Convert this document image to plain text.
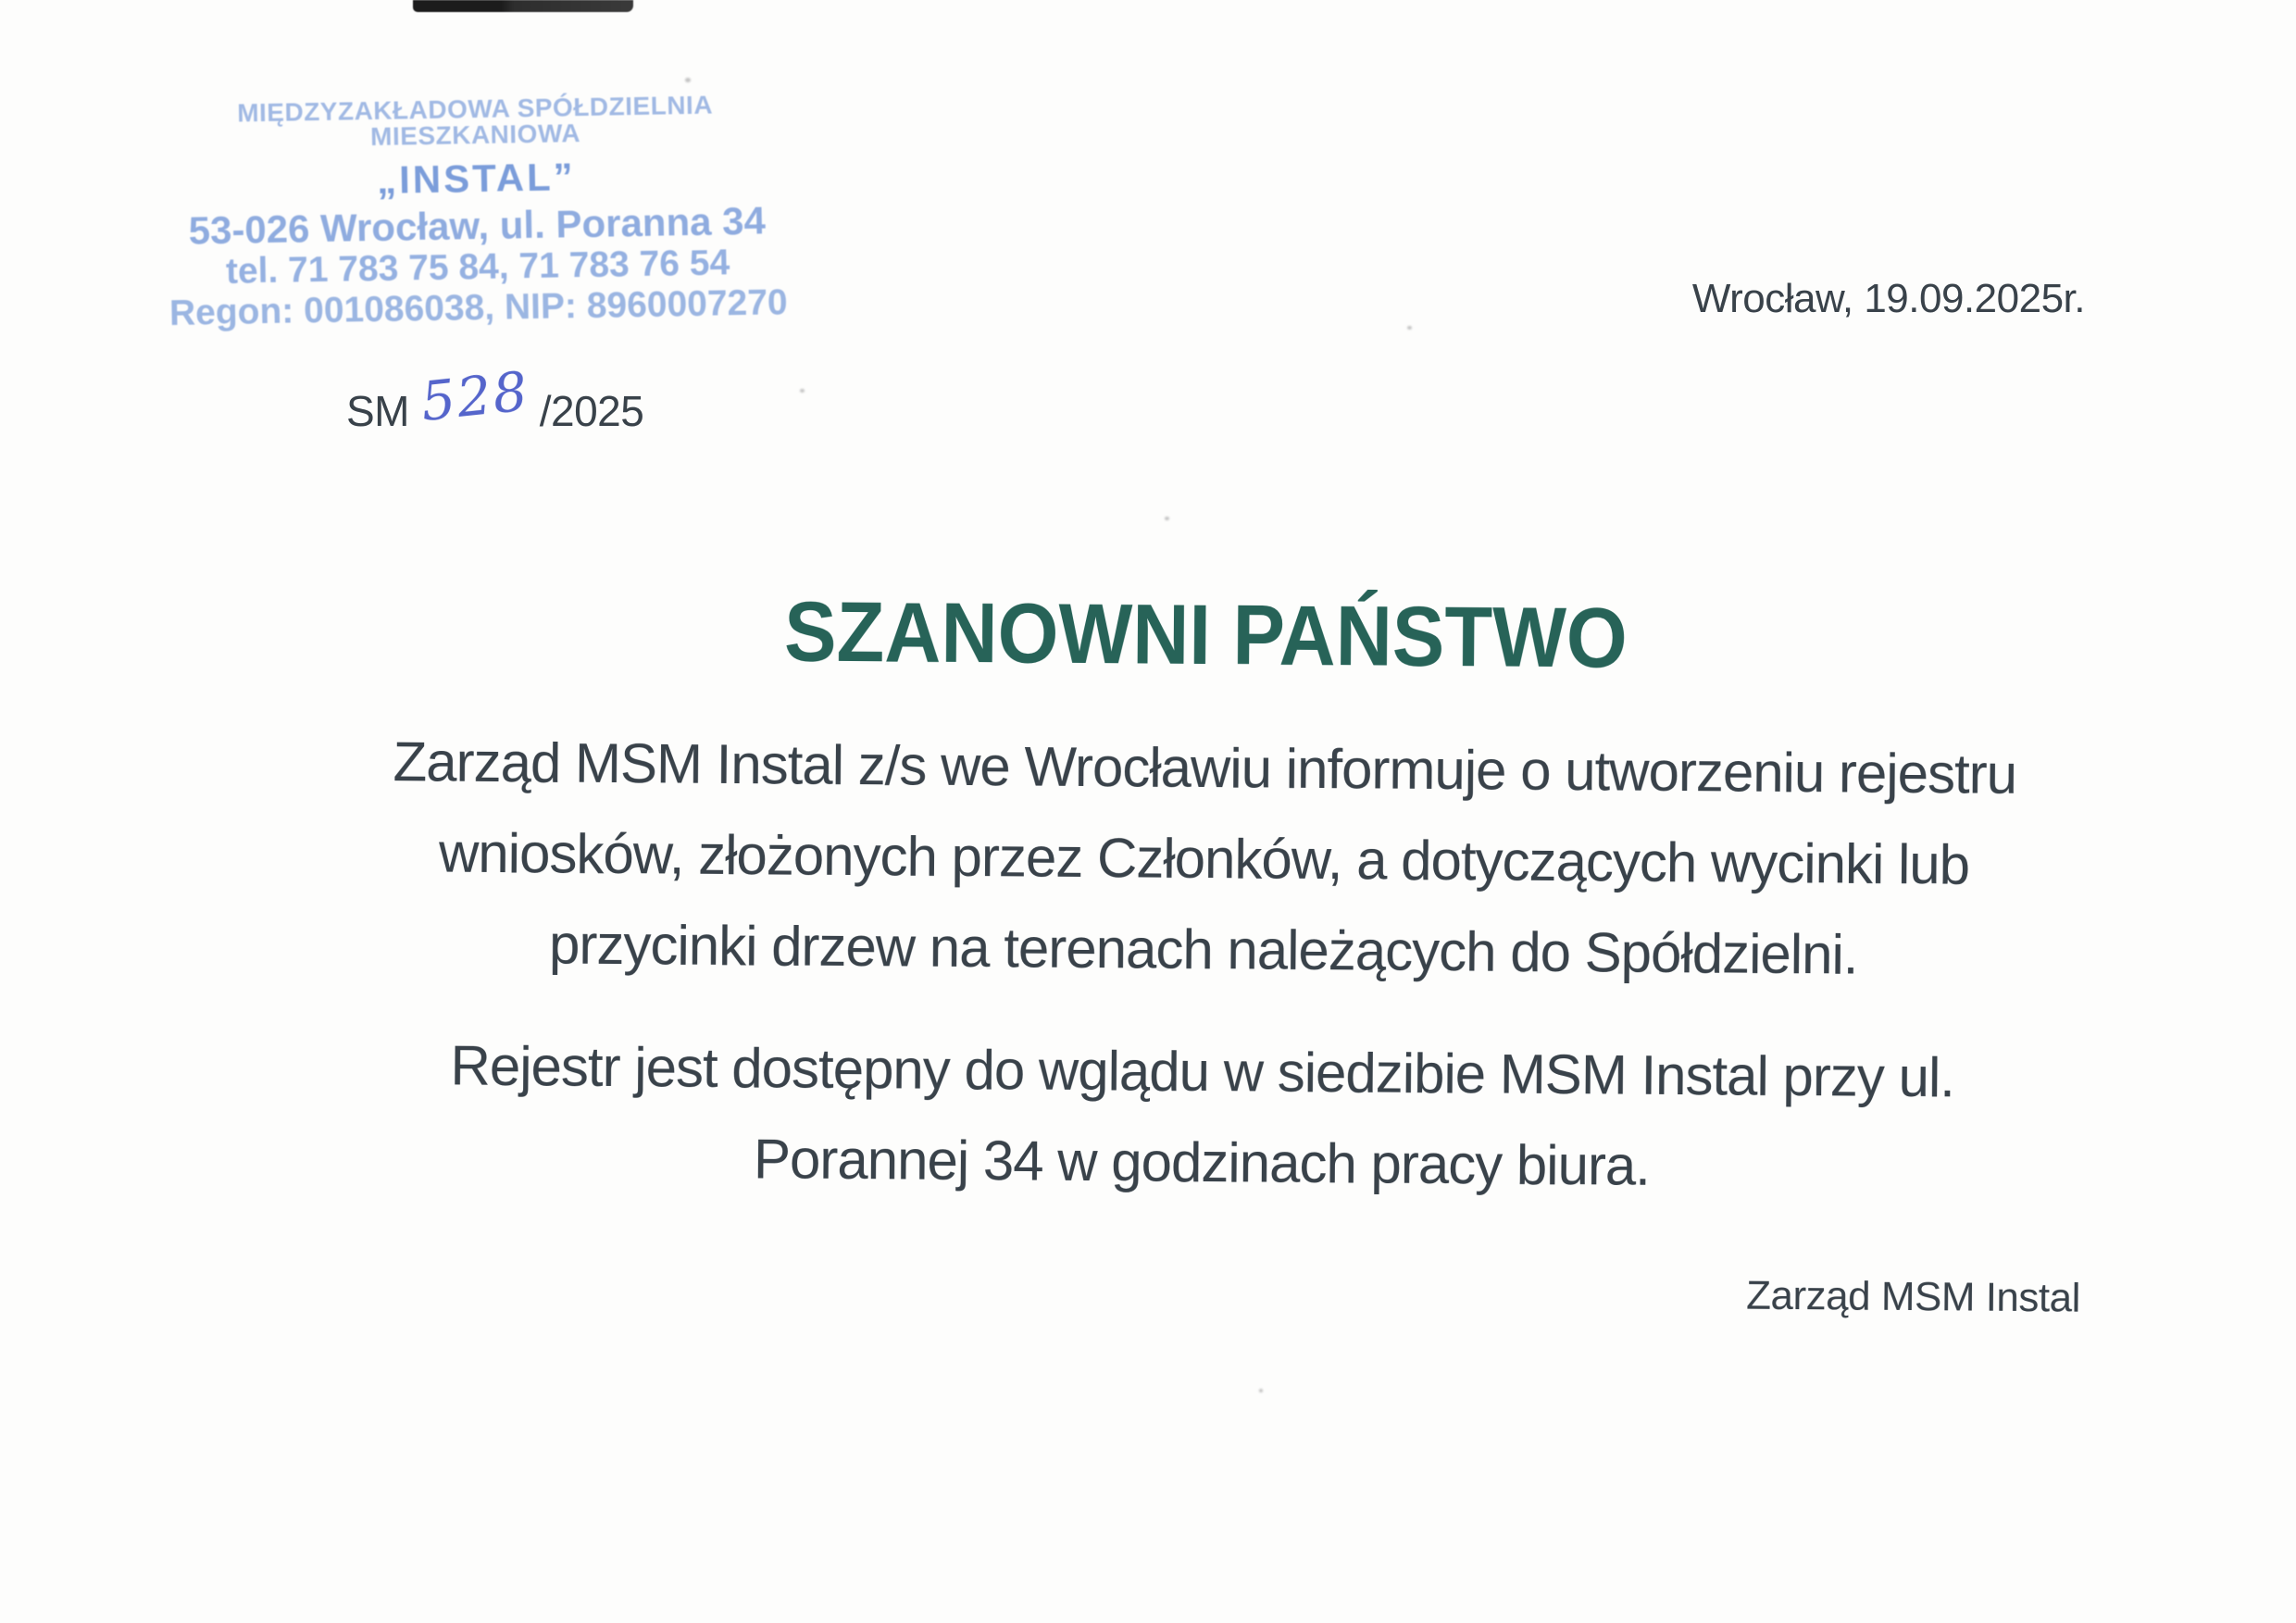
MIĘDZYZAKŁADOWA SPÓŁDZIELNIA MIESZKANIOWA
„INSTAL”
53-026 Wrocław, ul. Poranna 34
tel. 71 783 75 84, 71 783 76 54
Regon: 001086038, NIP: 8960007270	Wrocław, 19.09.2025r.
SM 528 /2025
SZANOWNI PAŃSTWO
Zarząd MSM Instal z/s we Wrocławiu informuje o utworzeniu rejestru
wniosków, złożonych przez Członków, a dotyczących wycinki lub
przycinki drzew na terenach należących do Spółdzielni.
Rejestr jest dostępny do wglądu w siedzibie MSM Instal przy ul.
Porannej 34 w godzinach pracy biura.
Zarząd MSM Instal
